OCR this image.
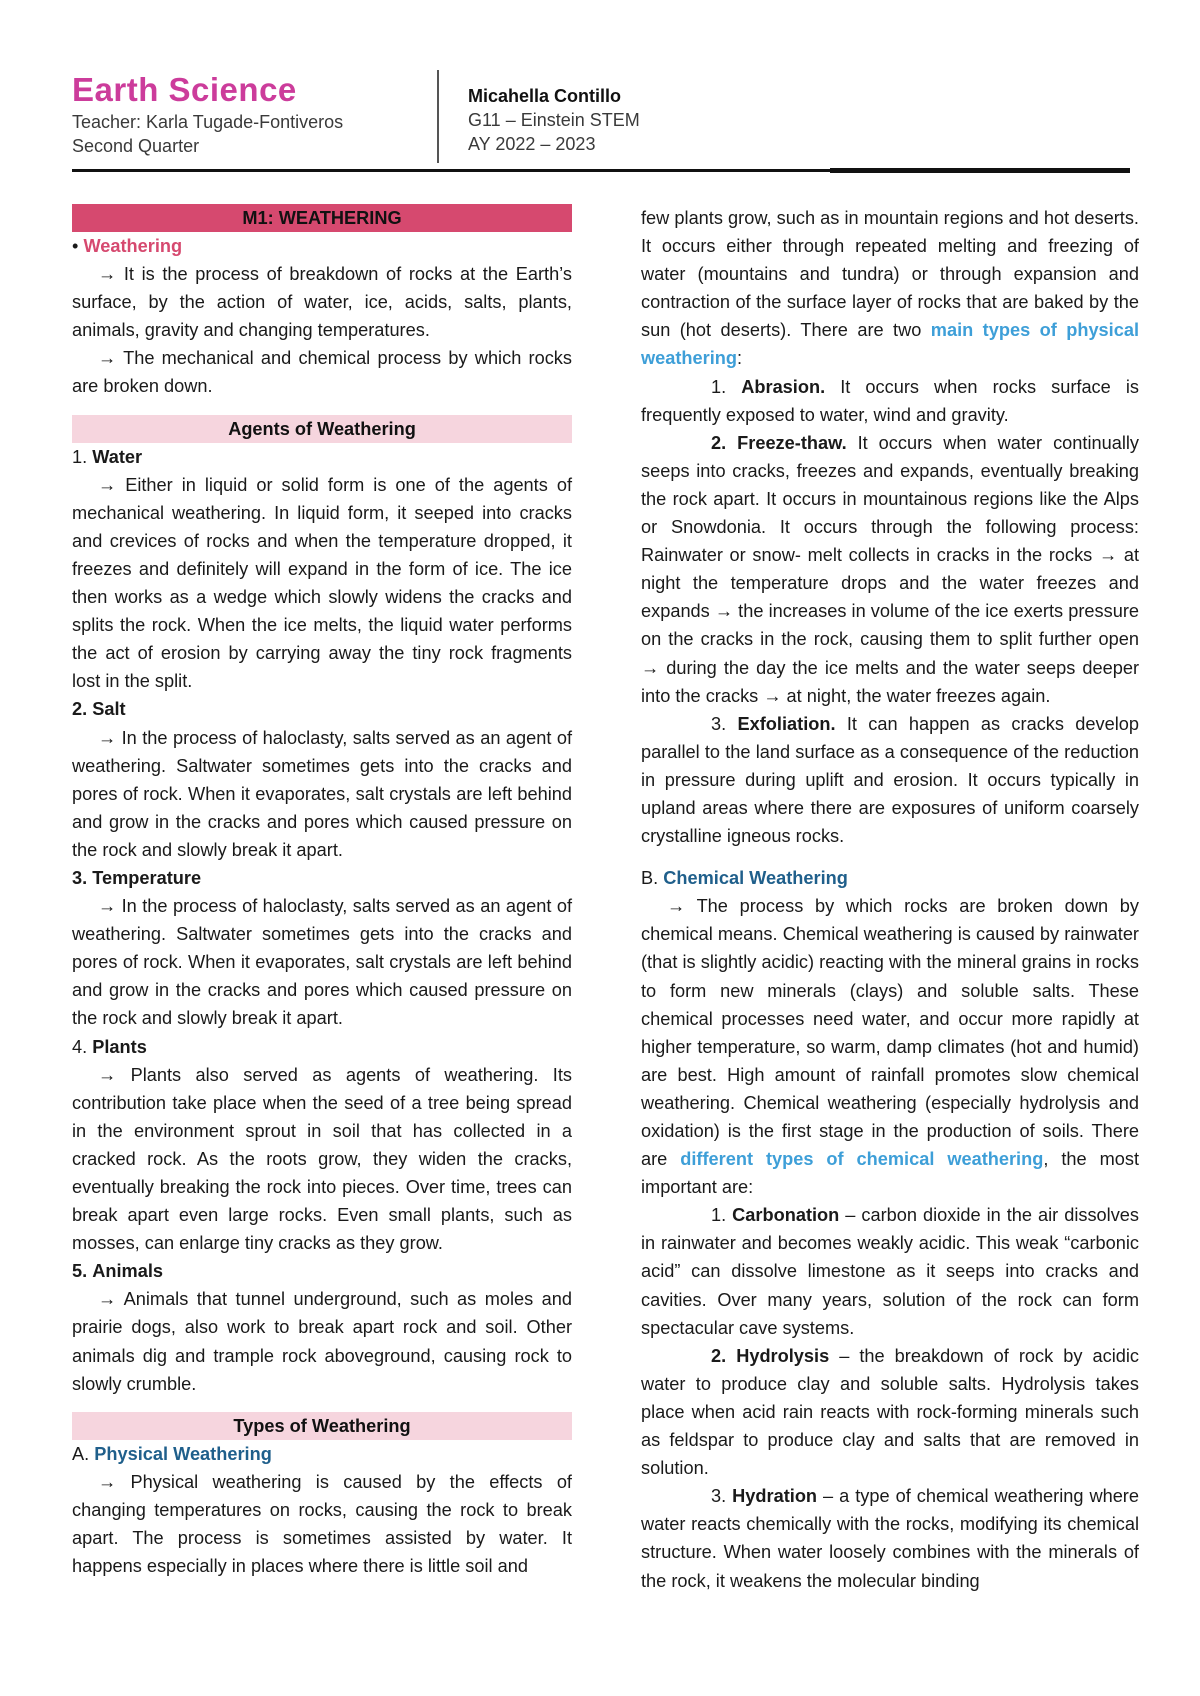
Earth Science
Teacher: Karla Tugade-Fontiveros
Second Quarter
Micahella Contillo
G11 – Einstein STEM
AY 2022 – 2023
M1: WEATHERING

• Weathering

→ It is the process of breakdown of rocks at the Earth’s surface, by the action of water, ice, acids, salts, plants, animals, gravity and changing temperatures.

→ The mechanical and chemical process by which rocks are broken down.

Agents of Weathering

1. Water

→ Either in liquid or solid form is one of the agents of mechanical weathering. In liquid form, it seeped into cracks and crevices of rocks and when the temperature dropped, it freezes and definitely will expand in the form of ice. The ice then works as a wedge which slowly widens the cracks and splits the rock. When the ice melts, the liquid water performs the act of erosion by carrying away the tiny rock fragments lost in the split.

2. Salt

→ In the process of haloclasty, salts served as an agent of weathering. Saltwater sometimes gets into the cracks and pores of rock. When it evaporates, salt crystals are left behind and grow in the cracks and pores which caused pressure on the rock and slowly break it apart.

3. Temperature

→ In the process of haloclasty, salts served as an agent of weathering. Saltwater sometimes gets into the cracks and pores of rock. When it evaporates, salt crystals are left behind and grow in the cracks and pores which caused pressure on the rock and slowly break it apart.

4. Plants

→ Plants also served as agents of weathering. Its contribution take place when the seed of a tree being spread in the environment sprout in soil that has collected in a cracked rock. As the roots grow, they widen the cracks, eventually breaking the rock into pieces. Over time, trees can break apart even large rocks. Even small plants, such as mosses, can enlarge tiny cracks as they grow.

5. Animals

→ Animals that tunnel underground, such as moles and prairie dogs, also work to break apart rock and soil. Other animals dig and trample rock aboveground, causing rock to slowly crumble.

Types of Weathering

A. Physical Weathering

→ Physical weathering is caused by the effects of changing temperatures on rocks, causing the rock to break apart. The process is sometimes assisted by water. It happens especially in places where there is little soil and

few plants grow, such as in mountain regions and hot deserts. It occurs either through repeated melting and freezing of water (mountains and tundra) or through expansion and contraction of the surface layer of rocks that are baked by the sun (hot deserts). There are two main types of physical weathering:

1. Abrasion. It occurs when rocks surface is frequently exposed to water, wind and gravity.

2. Freeze-thaw. It occurs when water continually seeps into cracks, freezes and expands, eventually breaking the rock apart. It occurs in mountainous regions like the Alps or Snowdonia. It occurs through the following process: Rainwater or snow- melt collects in cracks in the rocks → at night the temperature drops and the water freezes and expands → the increases in volume of the ice exerts pressure on the cracks in the rock, causing them to split further open → during the day the ice melts and the water seeps deeper into the cracks → at night, the water freezes again.

3. Exfoliation. It can happen as cracks develop parallel to the land surface as a consequence of the reduction in pressure during uplift and erosion. It occurs typically in upland areas where there are exposures of uniform coarsely crystalline igneous rocks.

B. Chemical Weathering

→ The process by which rocks are broken down by chemical means. Chemical weathering is caused by rainwater (that is slightly acidic) reacting with the mineral grains in rocks to form new minerals (clays) and soluble salts. These chemical processes need water, and occur more rapidly at higher temperature, so warm, damp climates (hot and humid) are best. High amount of rainfall promotes slow chemical weathering. Chemical weathering (especially hydrolysis and oxidation) is the first stage in the production of soils. There are different types of chemical weathering, the most important are:

1. Carbonation – carbon dioxide in the air dissolves in rainwater and becomes weakly acidic. This weak “carbonic acid” can dissolve limestone as it seeps into cracks and cavities. Over many years, solution of the rock can form spectacular cave systems.

2. Hydrolysis – the breakdown of rock by acidic water to produce clay and soluble salts. Hydrolysis takes place when acid rain reacts with rock-forming minerals such as feldspar to produce clay and salts that are removed in solution.

3. Hydration – a type of chemical weathering where water reacts chemically with the rocks, modifying its chemical structure. When water loosely combines with the minerals of the rock, it weakens the molecular binding
